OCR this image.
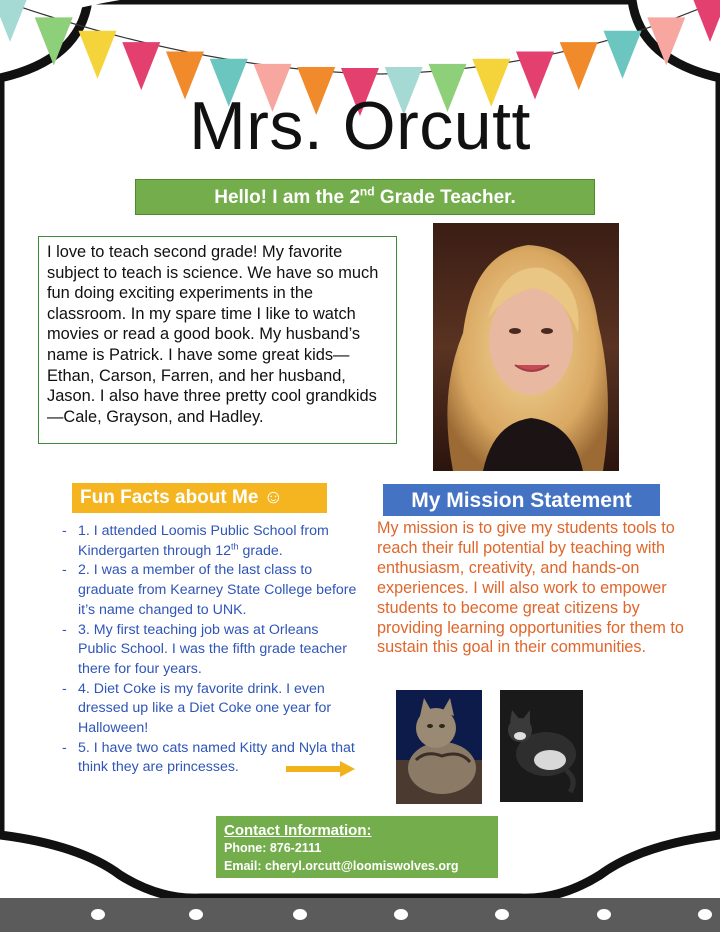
Mrs. Orcutt
Hello! I am the 2nd Grade Teacher.
I love to teach second grade! My favorite subject to teach is science. We have so much fun doing exciting experiments in the classroom. In my spare time I like to watch movies or read a good book. My husband’s name is Patrick. I have some great kids— Ethan, Carson, Farren, and her husband, Jason. I also have three pretty cool grandkids—Cale, Grayson, and Hadley.
Fun Facts about Me ☺
- 1. I attended Loomis Public School from Kindergarten through 12th grade.
- 2. I was a member of the last class to graduate from Kearney State College before it’s name changed to UNK.
- 3. My first teaching job was at Orleans Public School. I was the fifth grade teacher there for four years.
- 4. Diet Coke is my favorite drink. I even dressed up like a Diet Coke one year for Halloween!
- 5. I have two cats named Kitty and Nyla that think they are princesses.
My Mission Statement
My mission is to give my students tools to reach their full potential by teaching with enthusiasm, creativity, and hands-on experiences. I will also work to empower students to become great citizens by providing learning opportunities for them to sustain this goal in their communities.
Contact Information:
Phone: 876-2111
Email: cheryl.orcutt@loomiswolves.org
